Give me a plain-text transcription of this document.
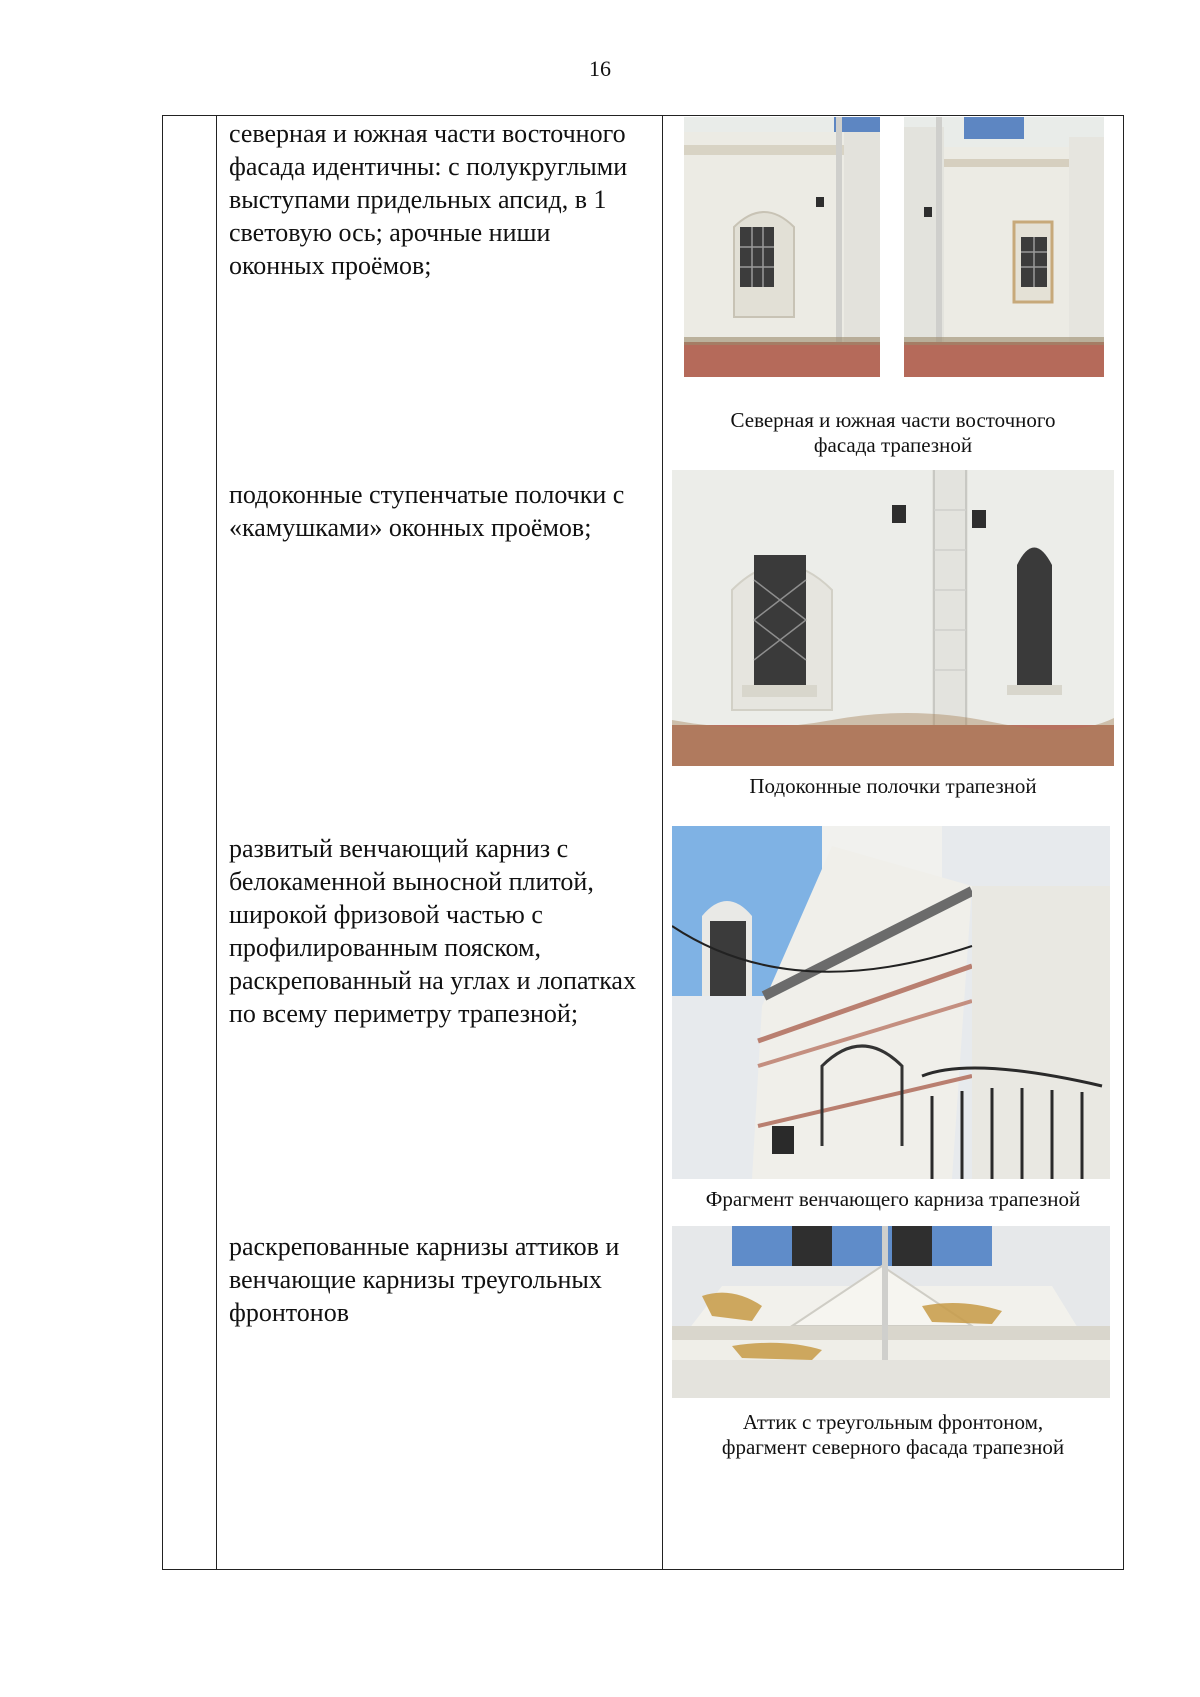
16

северная и южная части восточного фасада идентичны: с полукруглыми выступами придельных апсид, в 1 световую ось; арочные ниши оконных проёмов;

Северная и южная части восточного
фасада трапезной

подоконные ступенчатые полочки с «камушками» оконных проёмов;

Подоконные полочки трапезной

развитый венчающий карниз с белокаменной выносной плитой, широкой фризовой частью с профилированным пояском, раскрепованный на углах и лопатках по всему периметру трапезной;

Фрагмент венчающего карниза трапезной

раскрепованные карнизы аттиков и венчающие карнизы треугольных фронтонов

Аттик с треугольным фронтоном,
фрагмент северного фасада трапезной
